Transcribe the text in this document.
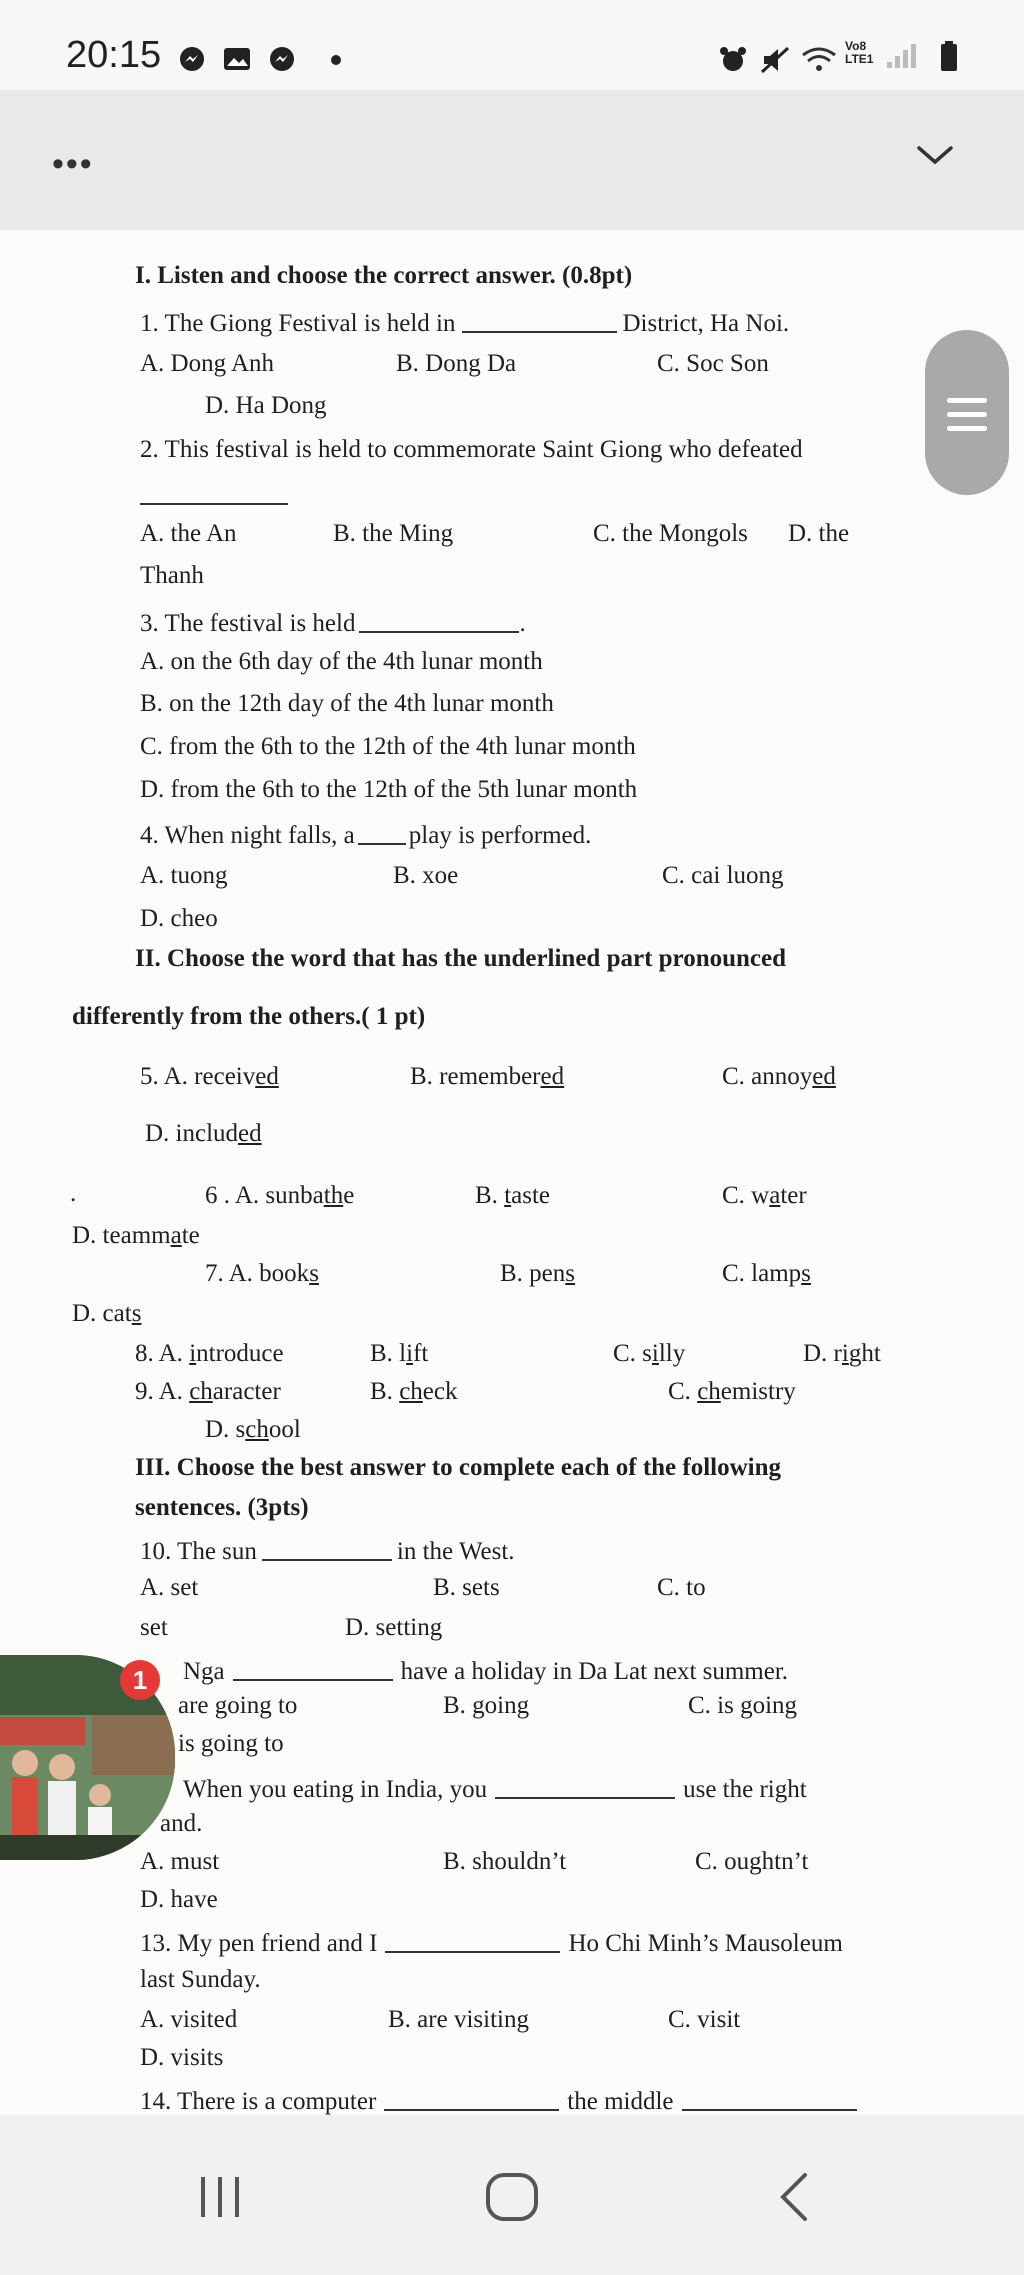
20:15	Vo8
LTE1
•••
I. Listen and choose the correct answer. (0.8pt)
1. The Giong Festival is held in	District, Ha Noi.
A. Dong Anh	B. Dong Da	C. Soc Son
D. Ha Dong
2. This festival is held to commemorate Saint Giong who defeated
A. the An	B. the Ming	C. the Mongols D. the
Thanh
3. The festival is held	.
A. on the 6th day of the 4th lunar month
B. on the 12th day of the 4th lunar month
C. from the 6th to the 12th of the 4th lunar month
D. from the 6th to the 12th of the 5th lunar month
4. When night falls, a play is performed.
A. tuong	B. xoe	C. cai luong
D. cheo
II. Choose the word that has the underlined part pronounced
differently from the others.( 1 pt)
5. A. received	B. remembered	C. annoyed
D. included
.	6 . A. sunbathe	B. taste	C. water
D. teammate
7. A. books	B. pens	C. lamps
D. cats
8. A. introduce	B. lift	C. silly	D. right
9. A. character	B. check	C. chemistry
D. school
III. Choose the best answer to complete each of the following
sentences. (3pts)
10. The sun	in the West.
A. set	B. sets	C. to
set	D. setting
Nga	have a holiday in Da Lat next summer.
are going to	B. going	C. is going
is going to
When you eating in India, you	use the right
and.
A. must	B. shouldn’t	C. oughtn’t
D. have
13. My pen friend and I	Ho Chi Minh’s Mausoleum
last Sunday.
A. visited	B. are visiting	C. visit
D. visits
14. There is a computer	the middle
1
